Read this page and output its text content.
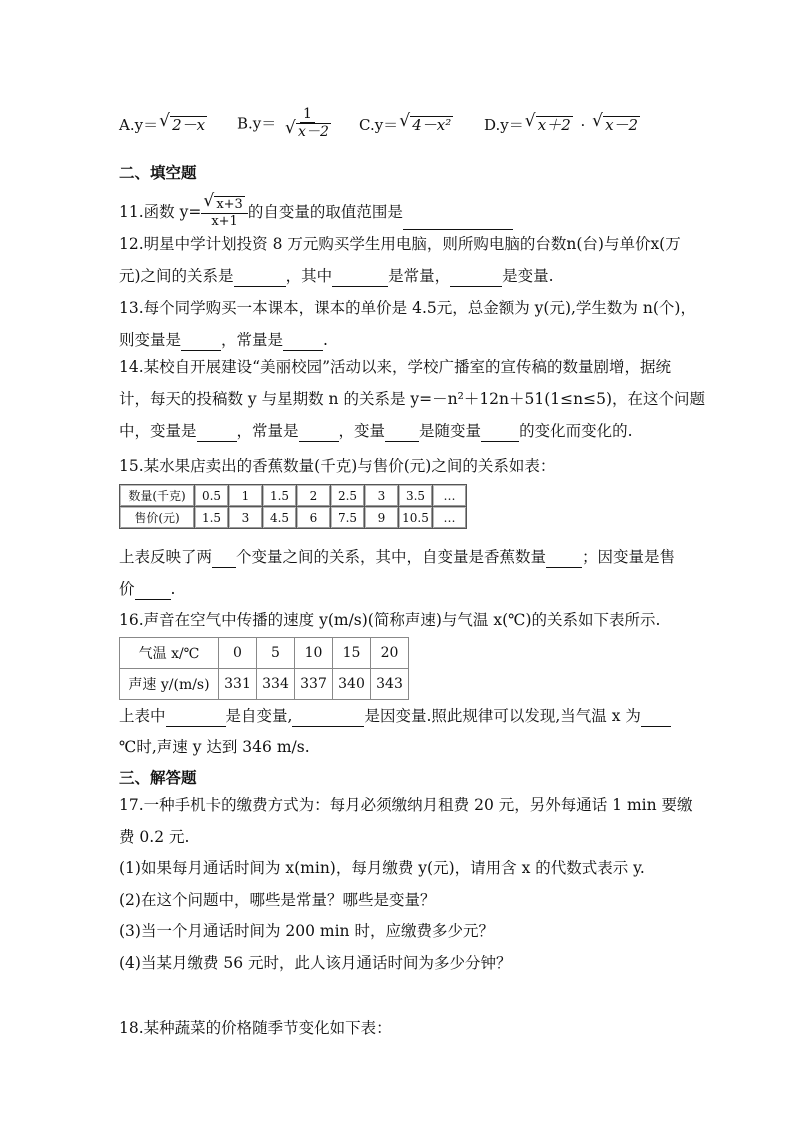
A.y＝ √ 2－x B.y＝ 1
√ x－2 C.y＝ √ 4－x² D.y＝ √ x＋2 · √ x－2
二、填空题
11.函数 y= √ $\frac{x+3}{x+1}$ 的自变量的取值范围是
12.明星中学计划投资 8 万元购买学生用电脑，则所购电脑的台数n(台)与单价x(万
元)之间的关系是	，其中	是常量，	是变量.
13.每个同学购买一本课本，课本的单价是 4.5元，总金额为 y(元),学生数为 n(个)，
则变量是	，常量是	.
14.某校自开展建设“美丽校园”活动以来，学校广播室的宣传稿的数量剧增，据统
计，每天的投稿数 y 与星期数 n 的关系是 y=－n²＋12n＋51(1≤n≤5)，在这个问题
中，变量是	，常量是	，变量 是随变量 的变化而变化的.
15.某水果店卖出的香蕉数量(千克)与售价(元)之间的关系如表：
数量(千克)	0.5	1	1.5	2	2.5	3	3.5	…
售价(元)	1.5	3	4.5	6	7.5	9	10.5	…
上表反映了两 个变量之间的关系，其中，自变量是香蕉数量 ；因变量是售
价 .
16.声音在空气中传播的速度 y(m/s)(简称声速)与气温 x(℃)的关系如下表所示.
气温 x/℃	0	5	10	15	20
声速 y/(m/s)	331	334	337	340	343
上表中	是自变量,	是因变量.照此规律可以发现,当气温 x 为
℃时,声速 y 达到 346 m/s.
三、解答题
17.一种手机卡的缴费方式为：每月必须缴纳月租费 20 元，另外每通话 1 min 要缴
费 0.2 元.
(1)如果每月通话时间为 x(min)，每月缴费 y(元)，请用含 x 的代数式表示 y.
(2)在这个问题中，哪些是常量？哪些是变量？
(3)当一个月通话时间为 200 min 时，应缴费多少元？
(4)当某月缴费 56 元时，此人该月通话时间为多少分钟？
18.某种蔬菜的价格随季节变化如下表：
